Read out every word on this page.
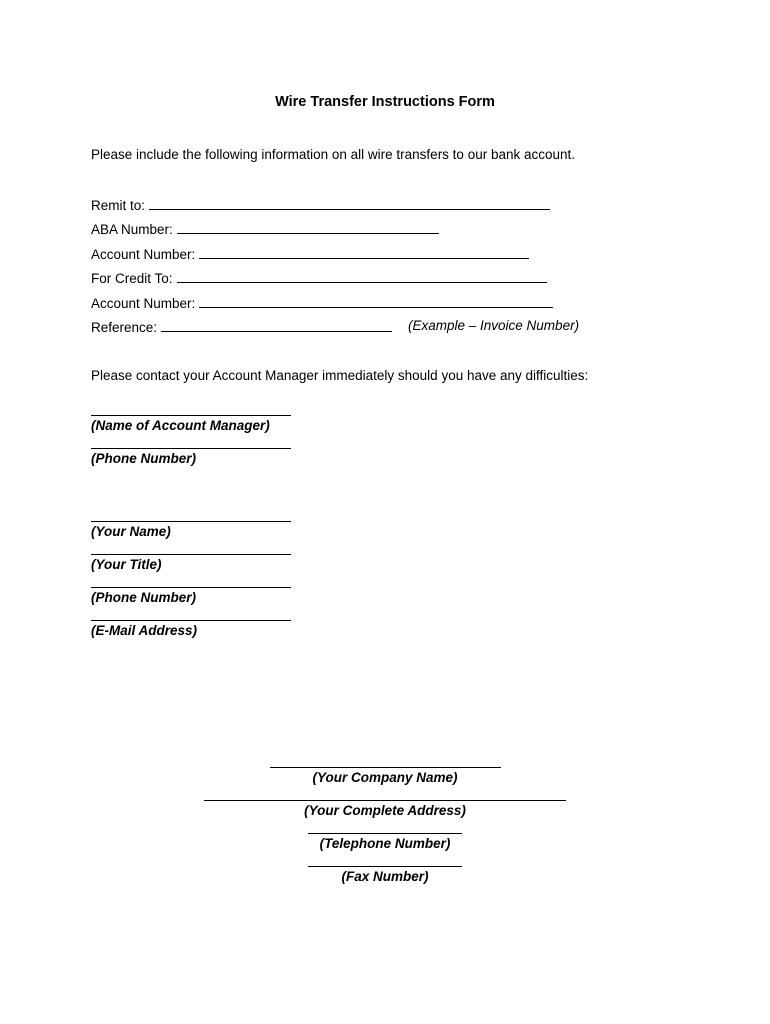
Wire Transfer Instructions Form
Please include the following information on all wire transfers to our bank account.
Remit to:
ABA Number:
Account Number:
For Credit To:
Account Number:
Reference:	(Example – Invoice Number)
Please contact your Account Manager immediately should you have any difficulties:
(Name of Account Manager)
(Phone Number)
(Your Name)
(Your Title)
(Phone Number)
(E-Mail Address)
(Your Company Name)
(Your Complete Address)
(Telephone Number)
(Fax Number)
